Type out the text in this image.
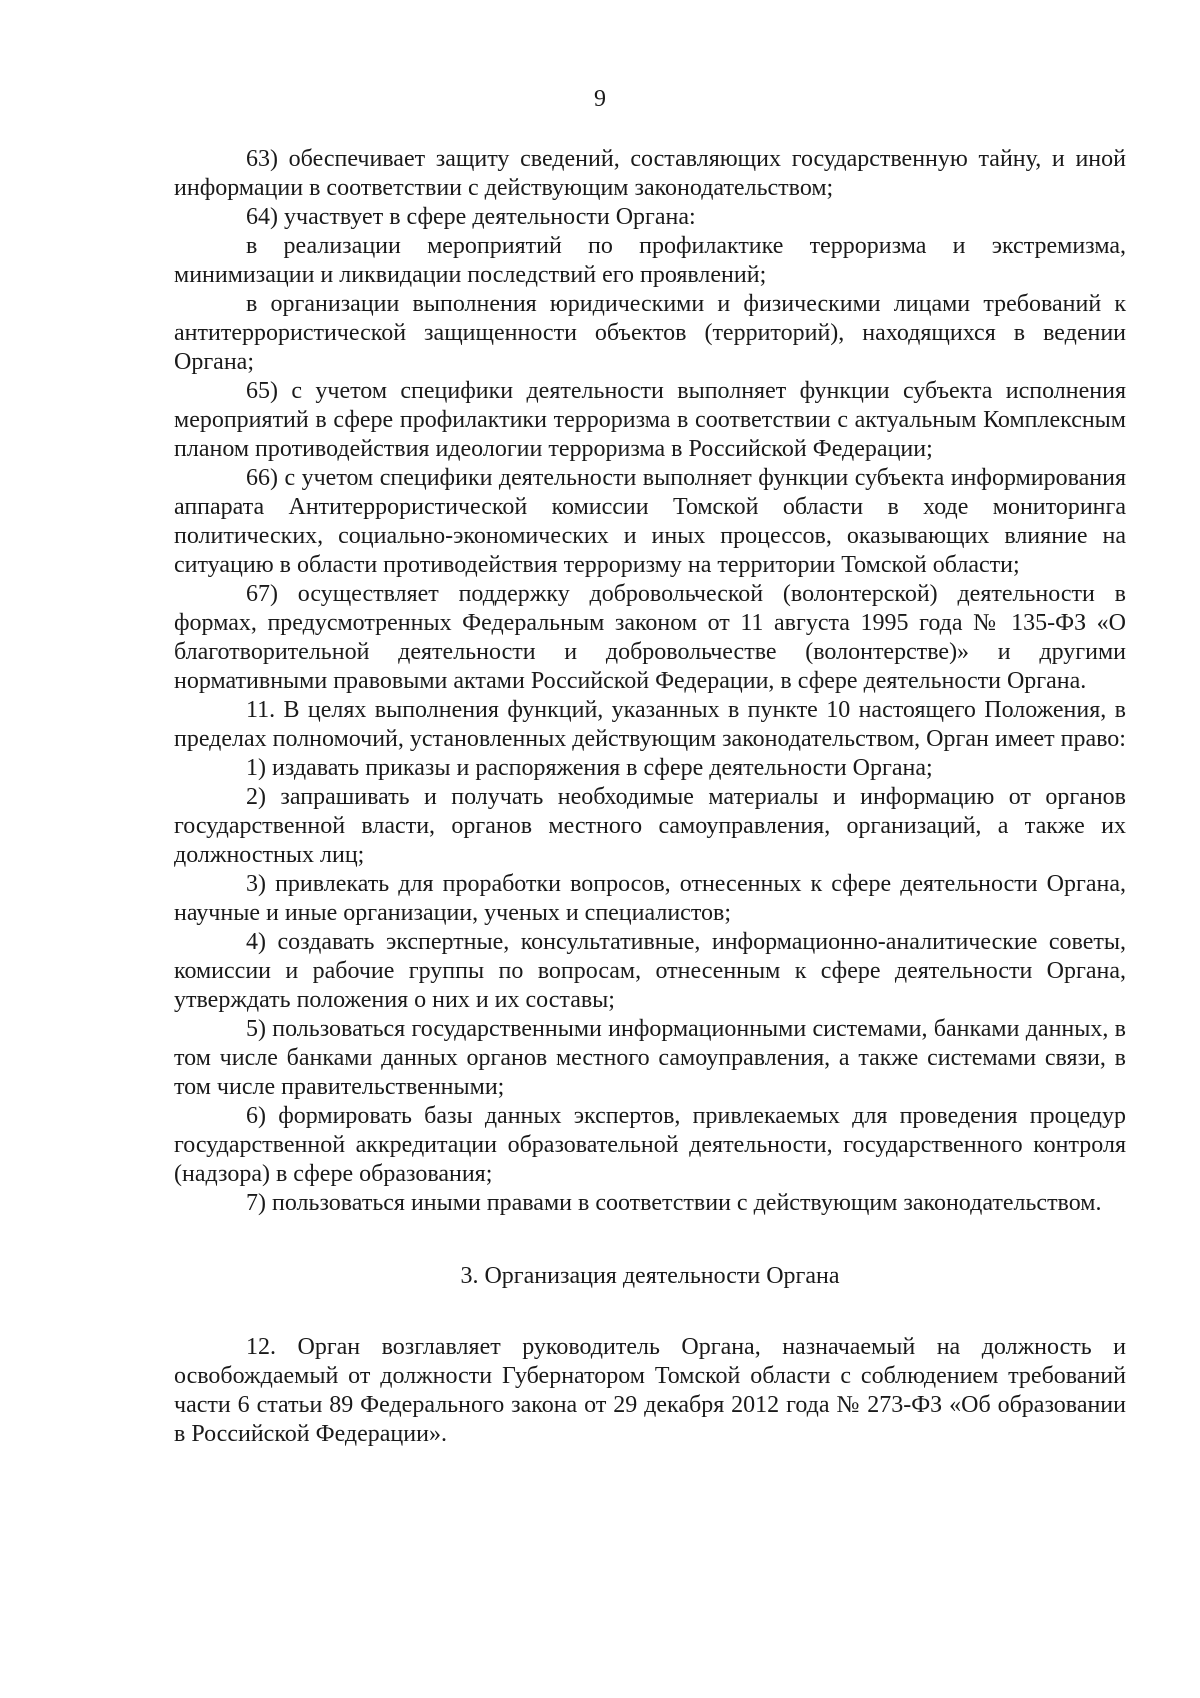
9

63) обеспечивает защиту сведений, составляющих государственную тайну, и иной информации в соответствии с действующим законодательством;

64) участвует в сфере деятельности Органа:

в реализации мероприятий по профилактике терроризма и экстремизма, минимизации и ликвидации последствий его проявлений;

в организации выполнения юридическими и физическими лицами требований к антитеррористической защищенности объектов (территорий), находящихся в ведении Органа;

65) с учетом специфики деятельности выполняет функции субъекта исполнения мероприятий в сфере профилактики терроризма в соответствии с актуальным Комплексным планом противодействия идеологии терроризма в Российской Федерации;

66) с учетом специфики деятельности выполняет функции субъекта информирования аппарата Антитеррористической комиссии Томской области в ходе мониторинга политических, социально-экономических и иных процессов, оказывающих влияние на ситуацию в области противодействия терроризму на территории Томской области;

67) осуществляет поддержку добровольческой (волонтерской) деятельности в формах, предусмотренных Федеральным законом от 11 августа 1995 года № 135-ФЗ «О благотворительной деятельности и добровольчестве (волонтерстве)» и другими нормативными правовыми актами Российской Федерации, в сфере деятельности Органа.

11. В целях выполнения функций, указанных в пункте 10 настоящего Положения, в пределах полномочий, установленных действующим законодательством, Орган имеет право:

1) издавать приказы и распоряжения в сфере деятельности Органа;

2) запрашивать и получать необходимые материалы и информацию от органов государственной власти, органов местного самоуправления, организаций, а также их должностных лиц;

3) привлекать для проработки вопросов, отнесенных к сфере деятельности Органа, научные и иные организации, ученых и специалистов;

4) создавать экспертные, консультативные, информационно-аналитические советы, комиссии и рабочие группы по вопросам, отнесенным к сфере деятельности Органа, утверждать положения о них и их составы;

5) пользоваться государственными информационными системами, банками данных, в том числе банками данных органов местного самоуправления, а также системами связи, в том числе правительственными;

6) формировать базы данных экспертов, привлекаемых для проведения процедур государственной аккредитации образовательной деятельности, государственного контроля (надзора) в сфере образования;

7) пользоваться иными правами в соответствии с действующим законодательством.

3. Организация деятельности Органа

12. Орган возглавляет руководитель Органа, назначаемый на должность и освобождаемый от должности Губернатором Томской области с соблюдением требований части 6 статьи 89 Федерального закона от 29 декабря 2012 года № 273-ФЗ «Об образовании в Российской Федерации».
